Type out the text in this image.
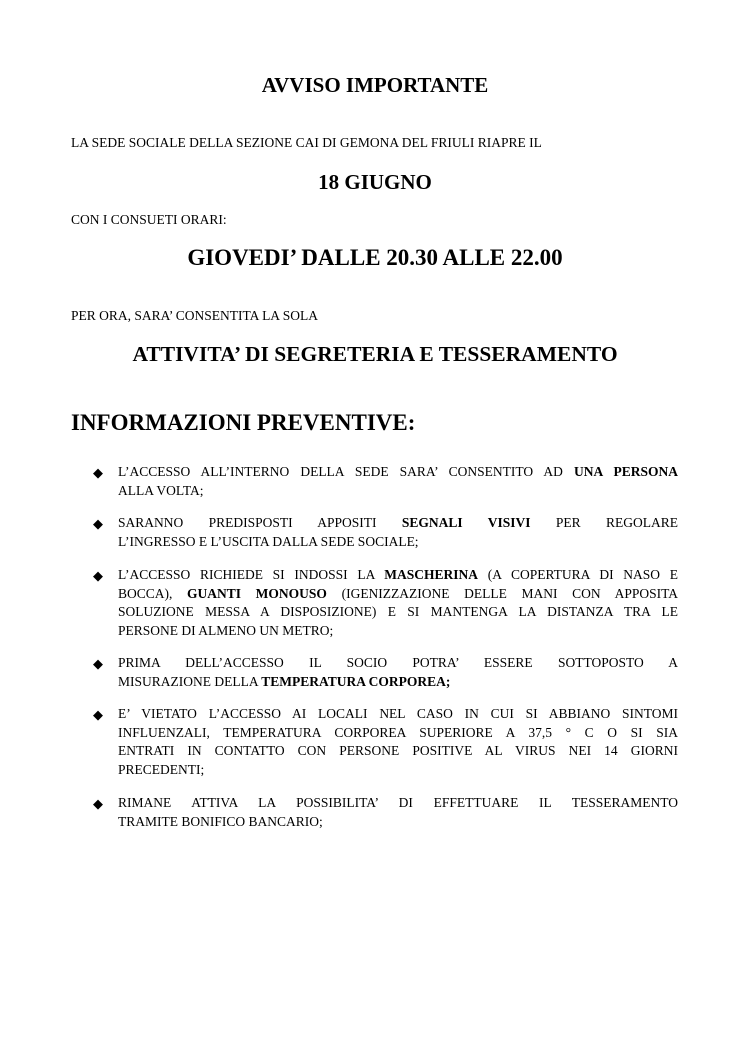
AVVISO IMPORTANTE
LA SEDE SOCIALE DELLA SEZIONE CAI DI GEMONA DEL FRIULI RIAPRE IL
18 GIUGNO
CON I CONSUETI ORARI:
GIOVEDI’ DALLE 20.30 ALLE 22.00
PER ORA, SARA’ CONSENTITA LA SOLA
ATTIVITA’ DI SEGRETERIA E TESSERAMENTO
INFORMAZIONI PREVENTIVE:
◆ L’ACCESSO ALL’INTERNO DELLA SEDE SARA’ CONSENTITO AD UNA PERSONA
ALLA VOLTA;
◆ SARANNO PREDISPOSTI APPOSITI SEGNALI VISIVI PER REGOLARE
L’INGRESSO E L’USCITA DALLA SEDE SOCIALE;
◆ L’ACCESSO RICHIEDE SI INDOSSI LA MASCHERINA (A COPERTURA DI NASO E
BOCCA), GUANTI MONOUSO (IGENIZZAZIONE DELLE MANI CON APPOSITA
SOLUZIONE MESSA A DISPOSIZIONE) E SI MANTENGA LA DISTANZA TRA LE
PERSONE DI ALMENO UN METRO;
◆ PRIMA DELL’ACCESSO IL SOCIO POTRA’ ESSERE SOTTOPOSTO A
MISURAZIONE DELLA TEMPERATURA CORPOREA;
◆ E’ VIETATO L’ACCESSO AI LOCALI NEL CASO IN CUI SI ABBIANO SINTOMI
INFLUENZALI, TEMPERATURA CORPOREA SUPERIORE A 37,5 ° C O SI SIA
ENTRATI IN CONTATTO CON PERSONE POSITIVE AL VIRUS NEI 14 GIORNI
PRECEDENTI;
◆ RIMANE ATTIVA LA POSSIBILITA’ DI EFFETTUARE IL TESSERAMENTO
TRAMITE BONIFICO BANCARIO;
